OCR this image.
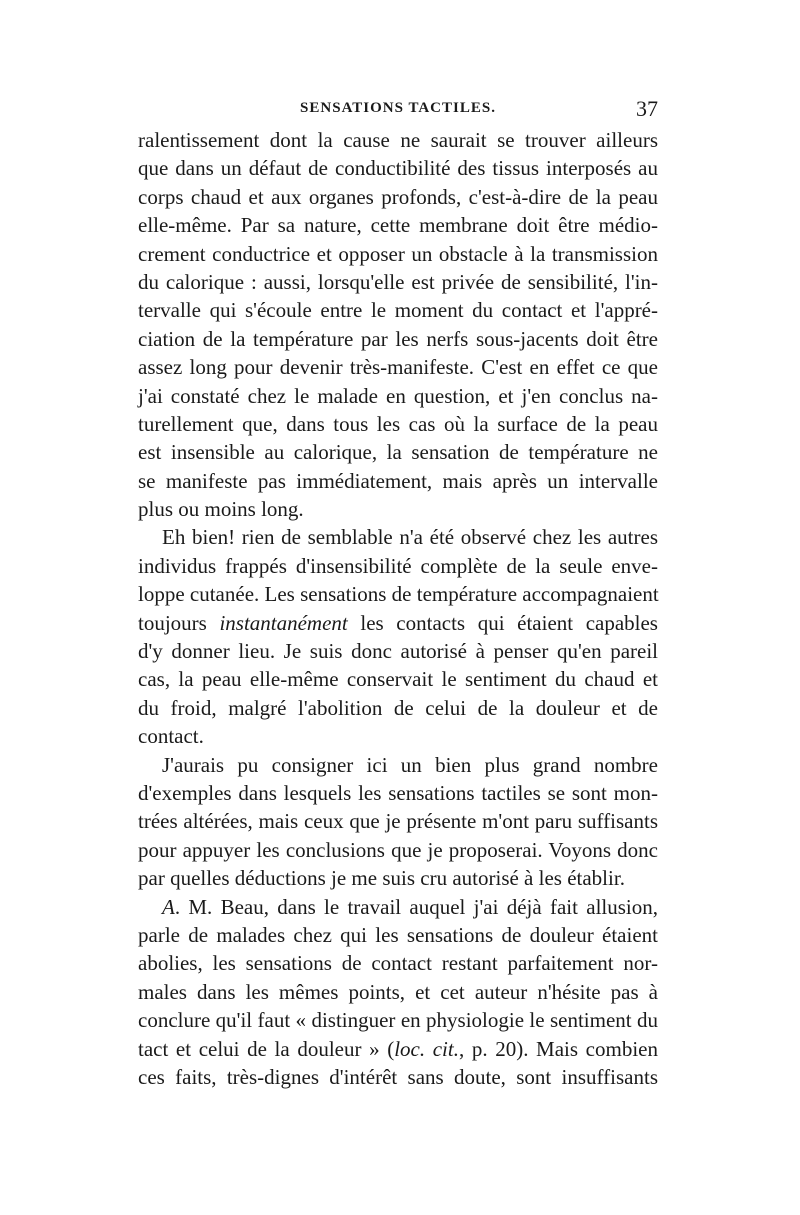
SENSATIONS TACTILES.	37
ralentissement dont la cause ne saurait se trouver ailleurs
que dans un défaut de conductibilité des tissus interposés au
corps chaud et aux organes profonds, c'est-à-dire de la peau
elle-même. Par sa nature, cette membrane doit être médio-
crement conductrice et opposer un obstacle à la transmission
du calorique : aussi, lorsqu'elle est privée de sensibilité, l'in-
tervalle qui s'écoule entre le moment du contact et l'appré-
ciation de la température par les nerfs sous-jacents doit être
assez long pour devenir très-manifeste. C'est en effet ce que
j'ai constaté chez le malade en question, et j'en conclus na-
turellement que, dans tous les cas où la surface de la peau
est insensible au calorique, la sensation de température ne
se manifeste pas immédiatement, mais après un intervalle
plus ou moins long.
Eh bien! rien de semblable n'a été observé chez les autres
individus frappés d'insensibilité complète de la seule enve-
loppe cutanée. Les sensations de température accompagnaient
toujours instantanément les contacts qui étaient capables
d'y donner lieu. Je suis donc autorisé à penser qu'en pareil
cas, la peau elle-même conservait le sentiment du chaud et
du froid, malgré l'abolition de celui de la douleur et de
contact.
J'aurais pu consigner ici un bien plus grand nombre
d'exemples dans lesquels les sensations tactiles se sont mon-
trées altérées, mais ceux que je présente m'ont paru suffisants
pour appuyer les conclusions que je proposerai. Voyons donc
par quelles déductions je me suis cru autorisé à les établir.
A. M. Beau, dans le travail auquel j'ai déjà fait allusion,
parle de malades chez qui les sensations de douleur étaient
abolies, les sensations de contact restant parfaitement nor-
males dans les mêmes points, et cet auteur n'hésite pas à
conclure qu'il faut « distinguer en physiologie le sentiment du
tact et celui de la douleur » (loc. cit., p. 20). Mais combien
ces faits, très-dignes d'intérêt sans doute, sont insuffisants
